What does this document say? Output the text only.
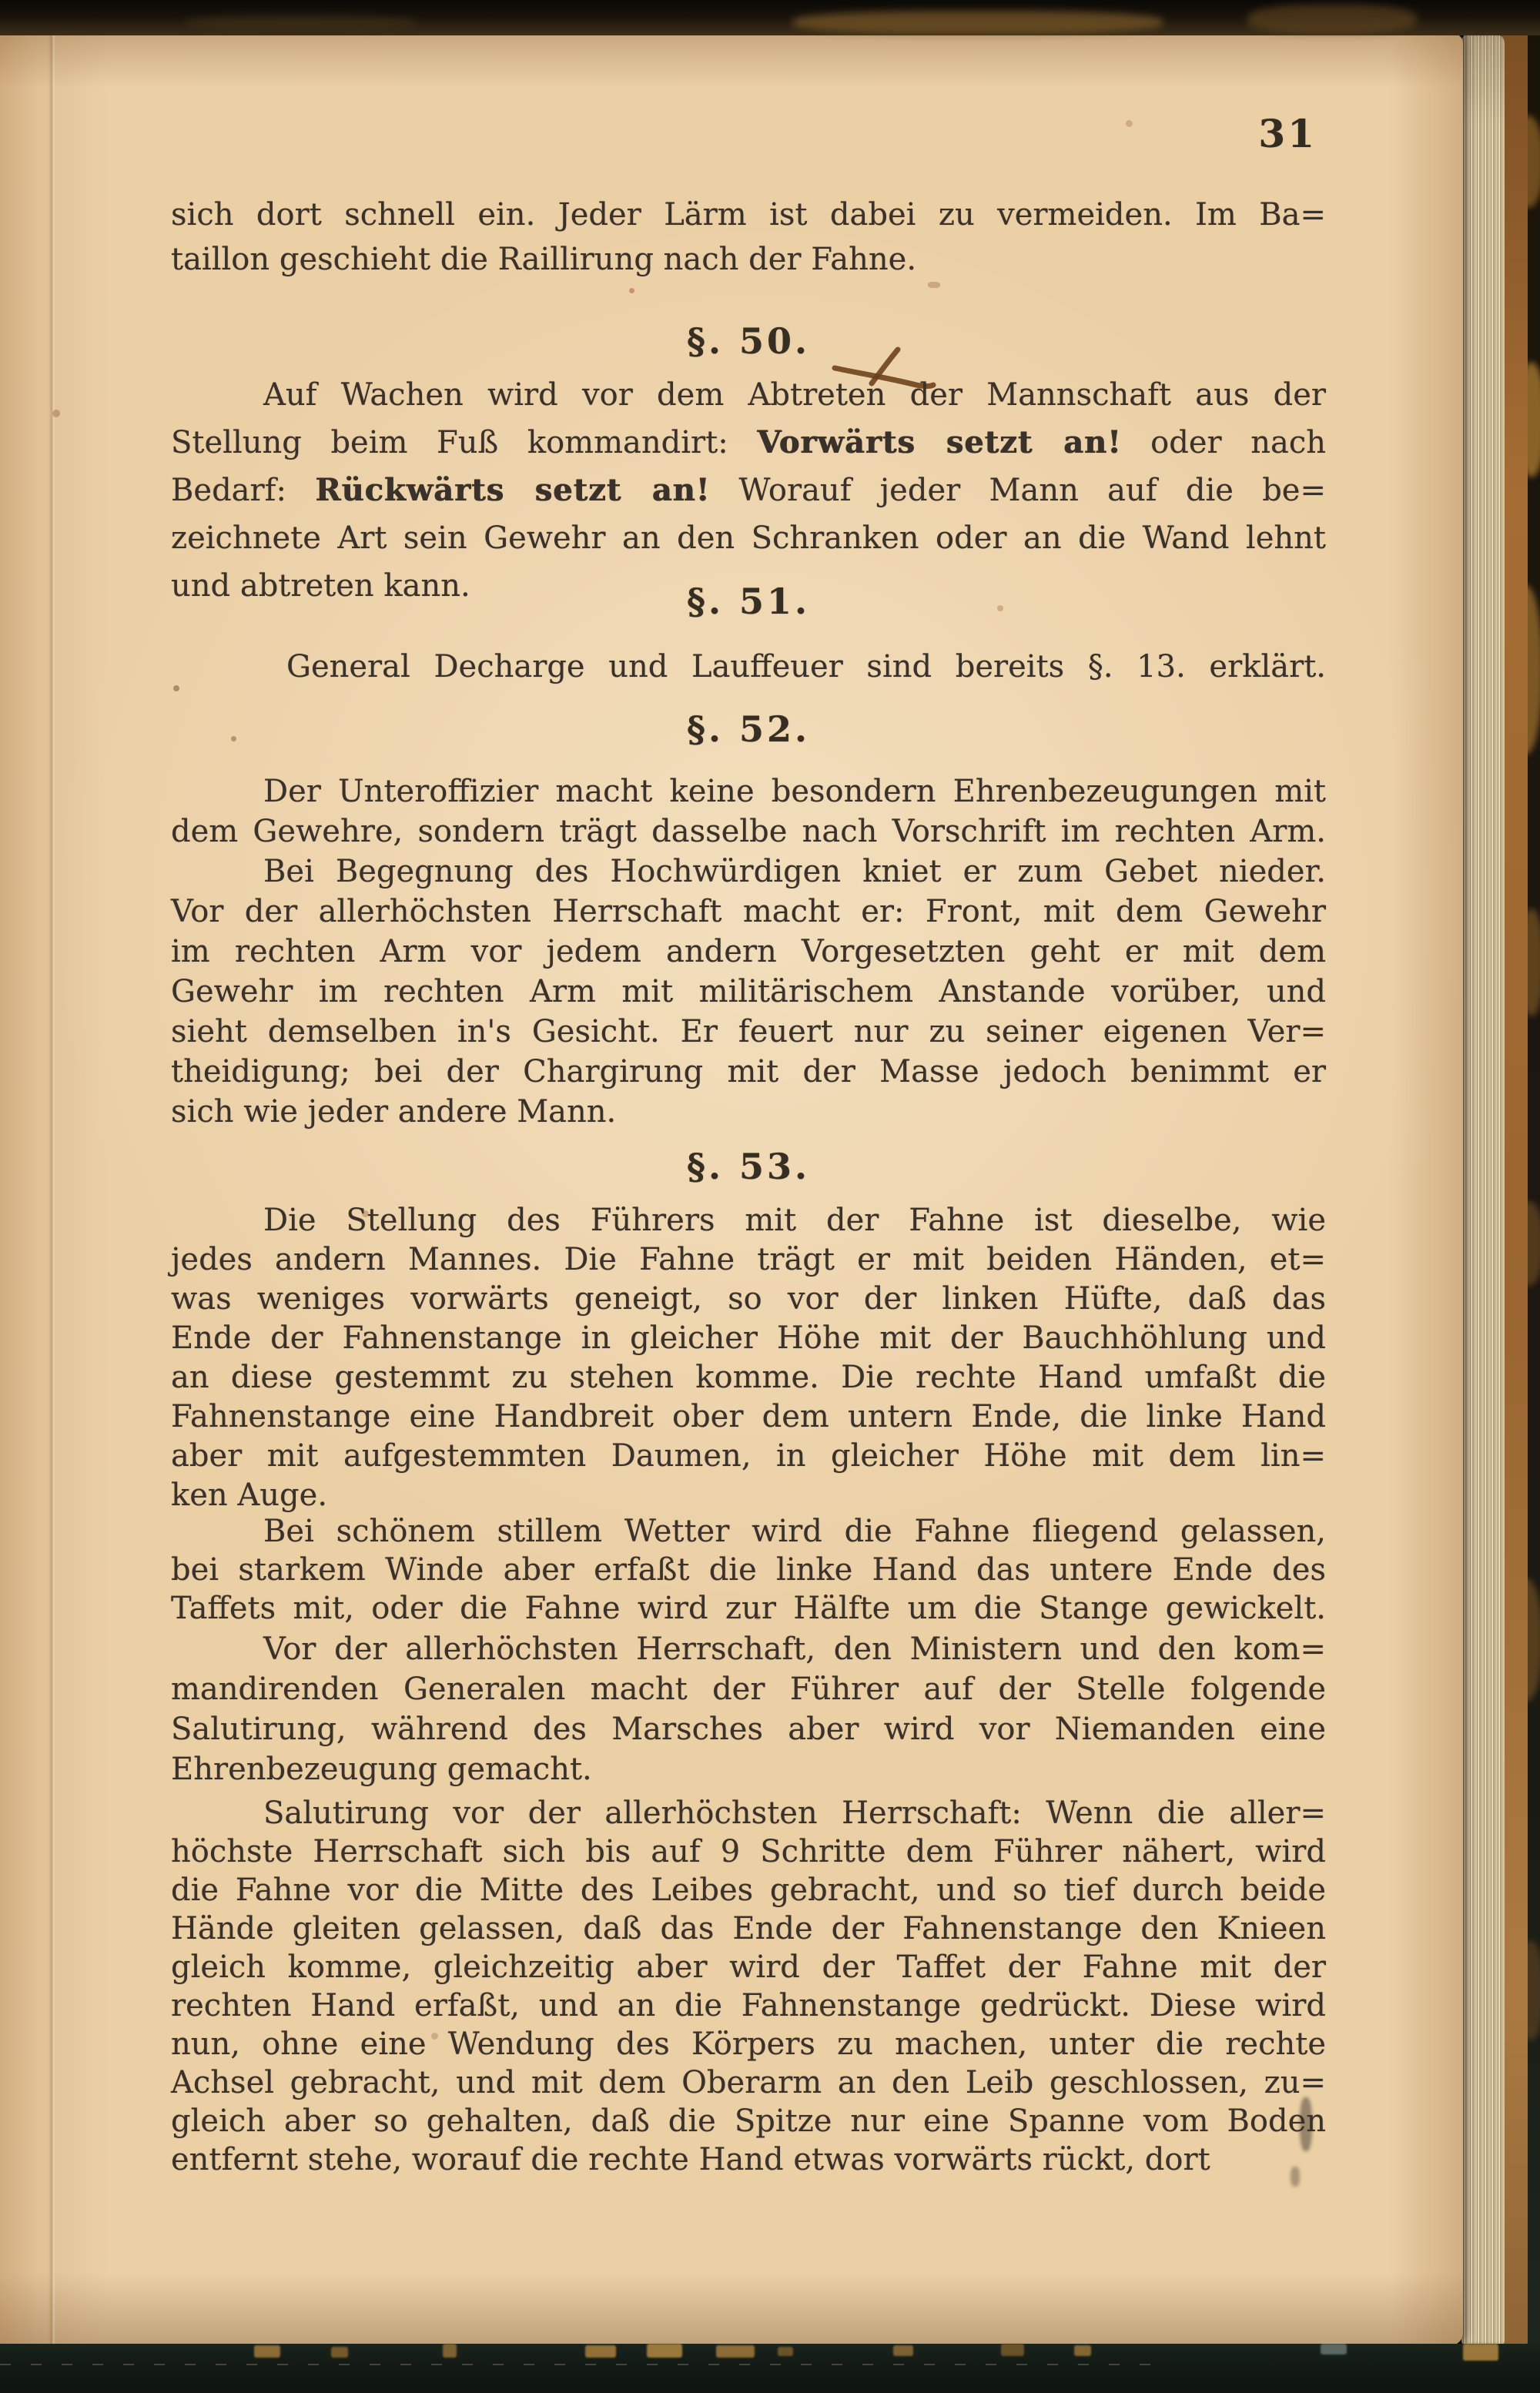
31
sich dort schnell ein. Jeder Lärm ist dabei zu vermeiden. Im Ba=
taillon geschieht die Raillirung nach der Fahne.
§. 50.
Auf Wachen wird vor dem Abtreten der Mannschaft aus der
Stellung beim Fuß kommandirt: Vorwärts setzt an! oder nach
Bedarf: Rückwärts setzt an! Worauf jeder Mann auf die be=
zeichnete Art sein Gewehr an den Schranken oder an die Wand lehnt
und abtreten kann.	§. 51.
General Decharge und Lauffeuer sind bereits §. 13. erklärt.
§. 52.
Der Unteroffizier macht keine besondern Ehrenbezeugungen mit
dem Gewehre, sondern trägt dasselbe nach Vorschrift im rechten Arm.
Bei Begegnung des Hochwürdigen kniet er zum Gebet nieder.
Vor der allerhöchsten Herrschaft macht er: Front, mit dem Gewehr
im rechten Arm vor jedem andern Vorgesetzten geht er mit dem
Gewehr im rechten Arm mit militärischem Anstande vorüber, und
sieht demselben in's Gesicht. Er feuert nur zu seiner eigenen Ver=
theidigung; bei der Chargirung mit der Masse jedoch benimmt er
sich wie jeder andere Mann.
§. 53.
Die Stellung des Führers mit der Fahne ist dieselbe, wie
jedes andern Mannes. Die Fahne trägt er mit beiden Händen, et=
was weniges vorwärts geneigt, so vor der linken Hüfte, daß das
Ende der Fahnenstange in gleicher Höhe mit der Bauchhöhlung und
an diese gestemmt zu stehen komme. Die rechte Hand umfaßt die
Fahnenstange eine Handbreit ober dem untern Ende, die linke Hand
aber mit aufgestemmten Daumen, in gleicher Höhe mit dem lin=
ken Auge.
Bei schönem stillem Wetter wird die Fahne fliegend gelassen,
bei starkem Winde aber erfaßt die linke Hand das untere Ende des
Taffets mit, oder die Fahne wird zur Hälfte um die Stange gewickelt.
Vor der allerhöchsten Herrschaft, den Ministern und den kom=
mandirenden Generalen macht der Führer auf der Stelle folgende
Salutirung, während des Marsches aber wird vor Niemanden eine
Ehrenbezeugung gemacht.
Salutirung vor der allerhöchsten Herrschaft: Wenn die aller=
höchste Herrschaft sich bis auf 9 Schritte dem Führer nähert, wird
die Fahne vor die Mitte des Leibes gebracht, und so tief durch beide
Hände gleiten gelassen, daß das Ende der Fahnenstange den Knieen
gleich komme, gleichzeitig aber wird der Taffet der Fahne mit der
rechten Hand erfaßt, und an die Fahnenstange gedrückt. Diese wird
nun, ohne eine Wendung des Körpers zu machen, unter die rechte
Achsel gebracht, und mit dem Oberarm an den Leib geschlossen, zu=
gleich aber so gehalten, daß die Spitze nur eine Spanne vom Boden
entfernt stehe, worauf die rechte Hand etwas vorwärts rückt, dort
